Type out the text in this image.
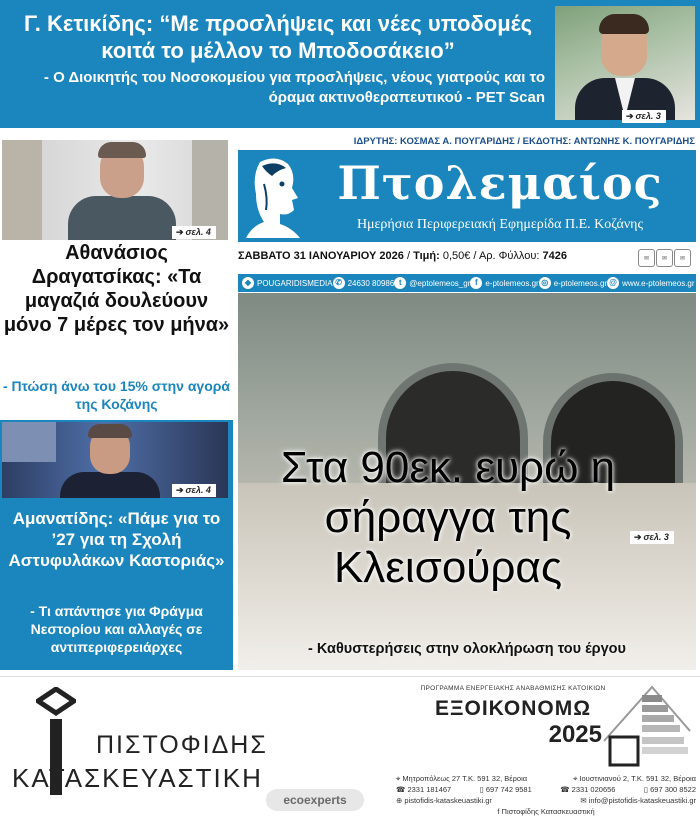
Γ. Κετικίδης: “Με προσλήψεις και νέες υποδομές κοιτά το μέλλον το Μποδοσάκειο”
- Ο Διοικητής του Νοσοκομείου για προσλήψεις, νέους γιατρούς και το όραμα ακτινοθεραπευτικού - PET Scan
➔ σελ. 3
➔ σελ. 4
Αθανάσιος Δραγατσίκας: «Τα μαγαζιά δουλεύουν μόνο 7 μέρες τον μήνα»
- Πτώση άνω του 15% στην αγορά της Κοζάνης
➔ σελ. 4
Αμανατίδης: «Πάμε για το ’27 για τη Σχολή Αστυφυλάκων Καστοριάς»
- Τι απάντησε για Φράγμα Νεστορίου και αλλαγές σε αντιπεριφερειάρχες
ΙΔΡΥΤΗΣ: ΚΟΣΜΑΣ Α. ΠΟΥΓΑΡΙΔΗΣ / ΕΚΔΟΤΗΣ: ΑΝΤΩΝΗΣ Κ. ΠΟΥΓΑΡΙΔΗΣ
Πτολεμαίος
Ημερήσια Περιφερειακή Εφημερίδα Π.Ε. Κοζάνης
ΣΑΒΒΑΤΟ 31 ΙΑΝΟΥΑΡΙΟΥ 2026 / Τιμή: 0,50€ / Αρ. Φύλλου: 7426	✉ ✉ ✉
◆ POUGARIDISMEDIA ✆ 24630 80986 t @eptolemeos_gr f e-ptolemeos.gr ◎ e-ptolemeos.gr @ www.e-ptolemeos.gr
Στα 90εκ. ευρώ η σήραγγα της Κλεισούρας
➔ σελ. 3
- Καθυστερήσεις στην ολοκλήρωση του έργου
ΠΙΣΤΟΦΙΔΗΣ
ΚΑΤΑΣΚΕΥΑΣΤΙΚΗ
ecoexperts
ΠΡΟΓΡΑΜΜΑ ΕΝΕΡΓΕΙΑΚΗΣ ΑΝΑΒΑΘΜΙΣΗΣ ΚΑΤΟΙΚΙΩΝ
ΕΞΟΙΚΟΝΟΜΩ
2025
⌖ Μητροπόλεως 27 Τ.Κ. 591 32, Βέροια	⌖ Ιουστινιανού 2, Τ.Κ. 591 32, Βέροια
☎ 2331 181467	▯ 697 742 9581	☎ 2331 020656	▯ 697 300 8522
⊕ pistofidis-kataskeuastiki.gr	✉ info@pistofidis-kataskeuastiki.gr
f Πιστοφίδης Κατασκευαστική
